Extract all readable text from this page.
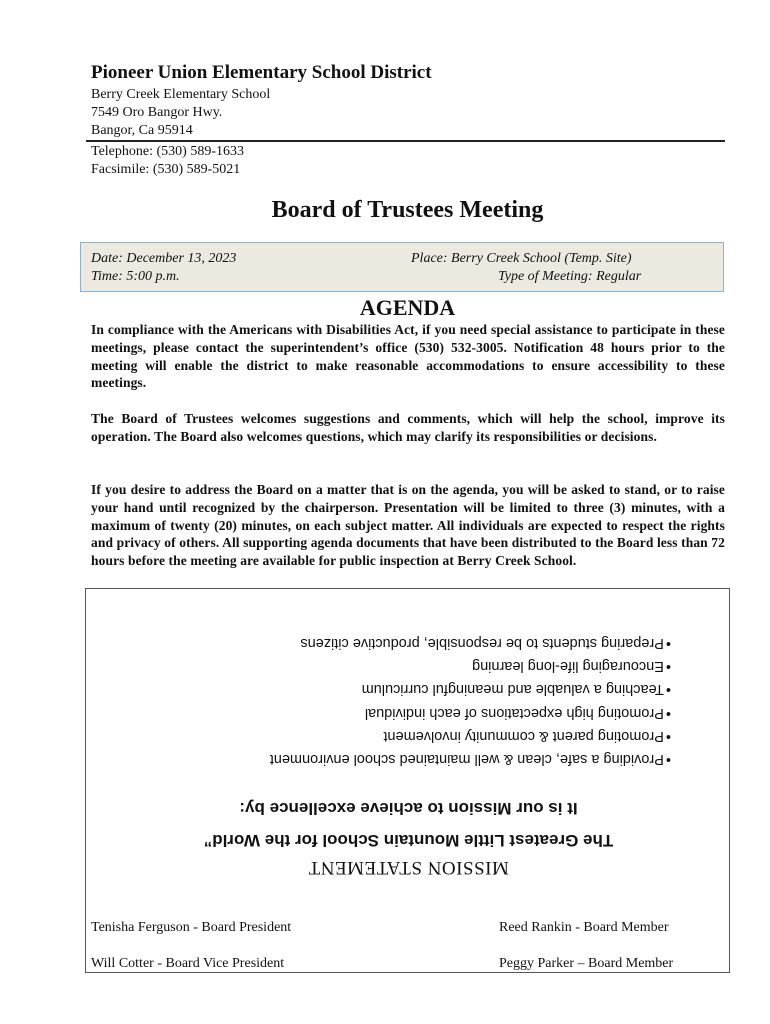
Pioneer Union Elementary School District
Berry Creek Elementary School
7549 Oro Bangor Hwy.
Bangor, Ca 95914
Telephone: (530) 589-1633
Facsimile: (530) 589-5021
Board of Trustees Meeting
Date: December 13, 2023
Time: 5:00 p.m.
Place: Berry Creek School (Temp. Site)
Type of Meeting: Regular
AGENDA
In compliance with the Americans with Disabilities Act, if you need special assistance to participate in these meetings, please contact the superintendent’s office (530) 532-3005. Notification 48 hours prior to the meeting will enable the district to make reasonable accommodations to ensure accessibility to these meetings.
The Board of Trustees welcomes suggestions and comments, which will help the school, improve its operation. The Board also welcomes questions, which may clarify its responsibilities or decisions.
If you desire to address the Board on a matter that is on the agenda, you will be asked to stand, or to raise your hand until recognized by the chairperson. Presentation will be limited to three (3) minutes, with a maximum of twenty (20) minutes, on each subject matter. All individuals are expected to respect the rights and privacy of others. All supporting agenda documents that have been distributed to the Board less than 72 hours before the meeting are available for public inspection at Berry Creek School.
MISSION STATEMENT
The Greatest Little Mountain School for the World”
It is our Mission to achieve excellence by:
• Providing a safe, clean & well maintained school environment
• Promoting parent & community involvement
• Promoting high expectations of each individual
• Teaching a valuable and meaningful curriculum
• Encouraging life-long learning
• Preparing students to be responsible, productive citizens
Tenisha Ferguson - Board President	Reed Rankin - Board Member
Will Cotter - Board Vice President	Peggy Parker – Board Member
